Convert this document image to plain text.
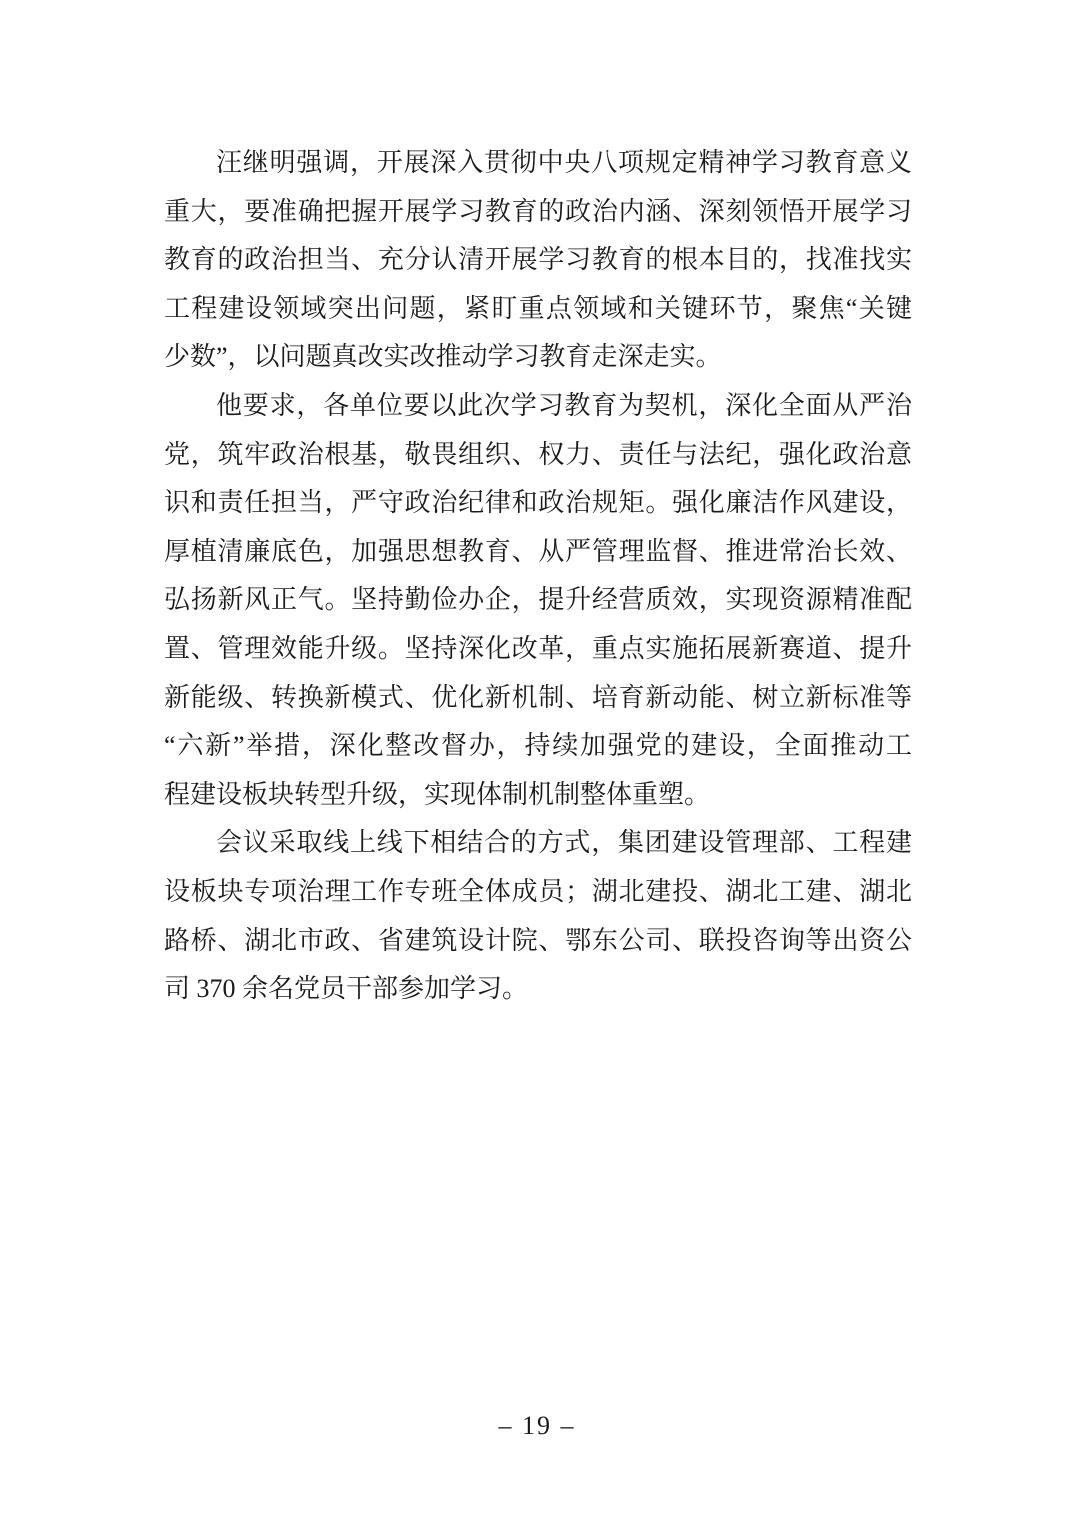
汪继明强调，开展深入贯彻中央八项规定精神学习教育意义
重大，要准确把握开展学习教育的政治内涵、深刻领悟开展学习
教育的政治担当、充分认清开展学习教育的根本目的，找准找实
工程建设领域突出问题，紧盯重点领域和关键环节，聚焦“关键
少数”，以问题真改实改推动学习教育走深走实。
他要求，各单位要以此次学习教育为契机，深化全面从严治
党，筑牢政治根基，敬畏组织、权力、责任与法纪，强化政治意
识和责任担当，严守政治纪律和政治规矩。强化廉洁作风建设，
厚植清廉底色，加强思想教育、从严管理监督、推进常治长效、
弘扬新风正气。坚持勤俭办企，提升经营质效，实现资源精准配
置、管理效能升级。坚持深化改革，重点实施拓展新赛道、提升
新能级、转换新模式、优化新机制、培育新动能、树立新标准等
“六新”举措，深化整改督办，持续加强党的建设，全面推动工
程建设板块转型升级，实现体制机制整体重塑。
会议采取线上线下相结合的方式，集团建设管理部、工程建
设板块专项治理工作专班全体成员；湖北建投、湖北工建、湖北
路桥、湖北市政、省建筑设计院、鄂东公司、联投咨询等出资公
司 370 余名党员干部参加学习。
– 19 –
